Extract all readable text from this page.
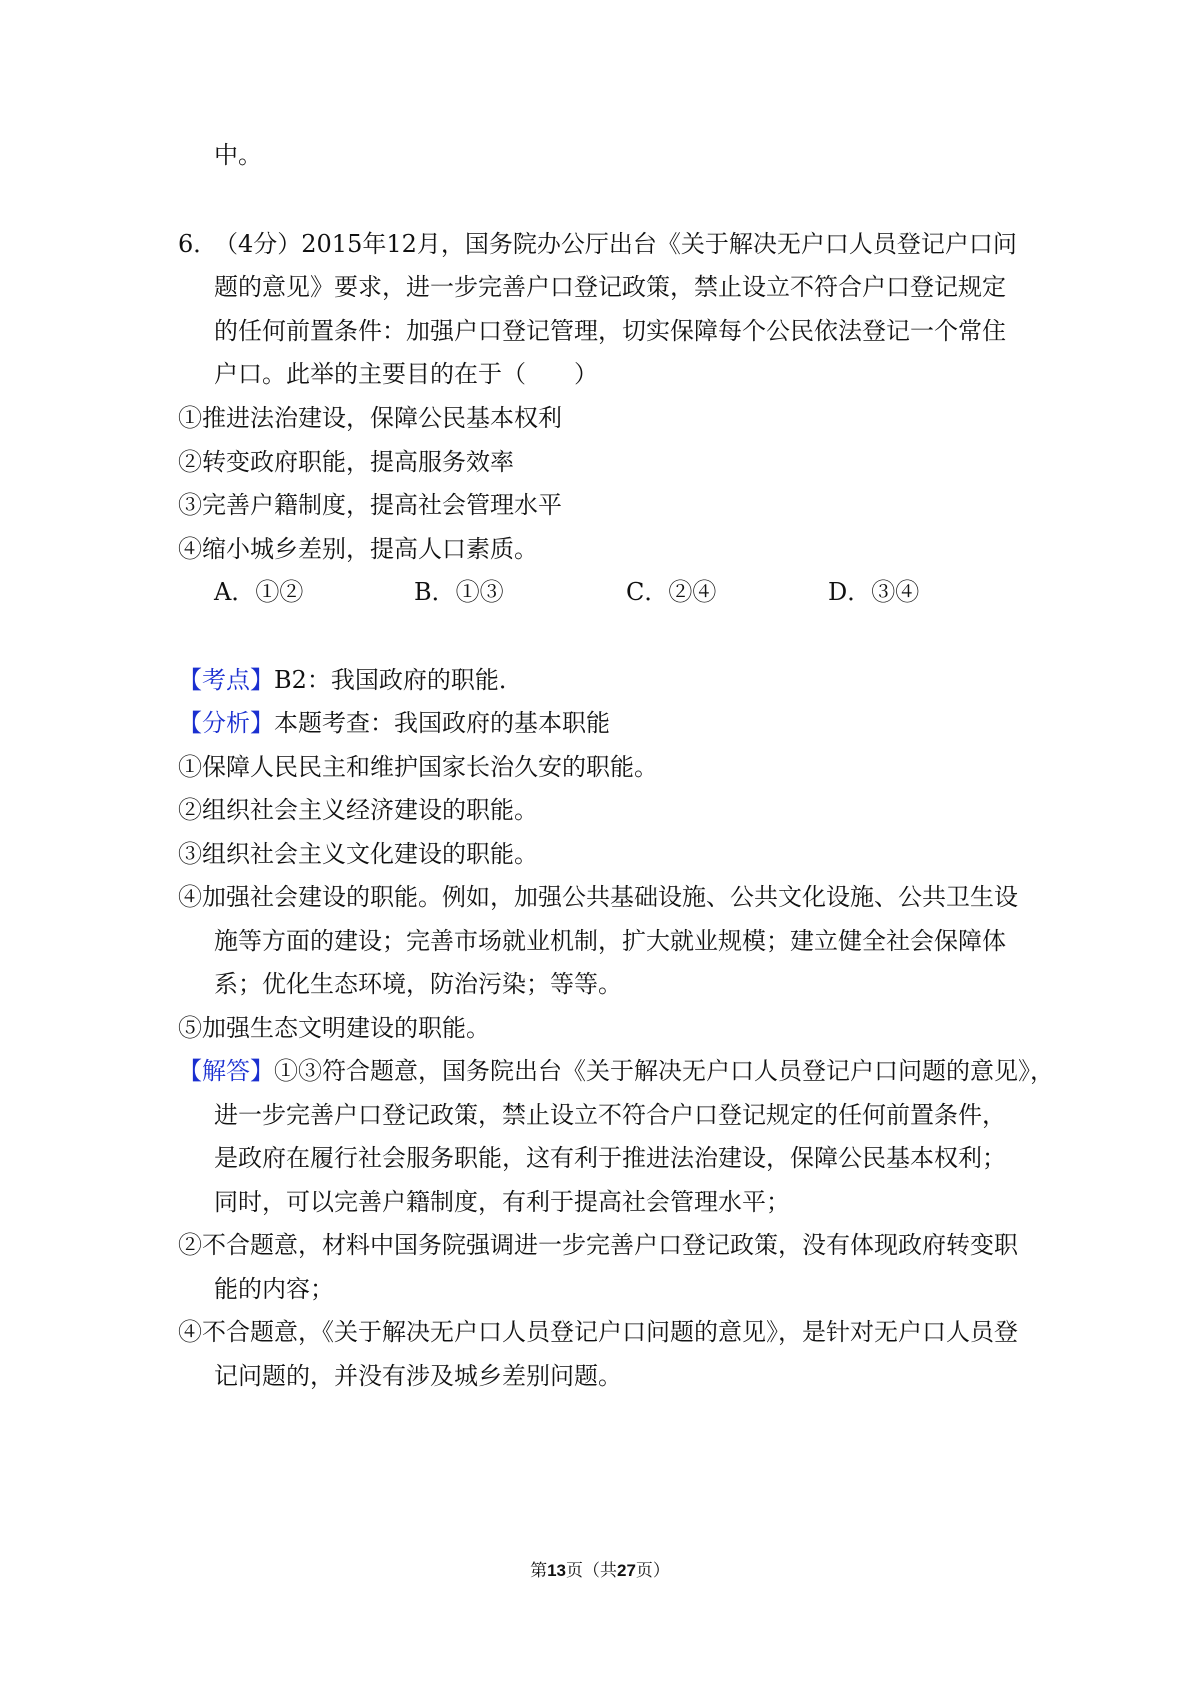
中。
6．
（4分）2015年12月，国务院办公厅出台《关于解决无户口人员登记户口问
题的意见》要求，进一步完善户口登记政策，禁止设立不符合户口登记规定
的任何前置条件：加强户口登记管理，切实保障每个公民依法登记一个常住
户口。此举的主要目的在于（　　）
①推进法治建设，保障公民基本权利
②转变政府职能，提高服务效率
③完善户籍制度，提高社会管理水平
④缩小城乡差别，提高人口素质。
A．①②	B．①③	C．②④	D．③④
【考点】B2：我国政府的职能．
【分析】本题考查：我国政府的基本职能
①保障人民民主和维护国家长治久安的职能。
②组织社会主义经济建设的职能。
③组织社会主义文化建设的职能。
④加强社会建设的职能。例如，加强公共基础设施、公共文化设施、公共卫生设
施等方面的建设；完善市场就业机制，扩大就业规模；建立健全社会保障体
系；优化生态环境，防治污染；等等。
⑤加强生态文明建设的职能。
【解答】①③符合题意，国务院出台《关于解决无户口人员登记户口问题的意见》，
进一步完善户口登记政策，禁止设立不符合户口登记规定的任何前置条件，
是政府在履行社会服务职能，这有利于推进法治建设，保障公民基本权利；
同时，可以完善户籍制度，有利于提高社会管理水平；
②不合题意，材料中国务院强调进一步完善户口登记政策，没有体现政府转变职
能的内容；
④不合题意，《关于解决无户口人员登记户口问题的意见》，是针对无户口人员登
记问题的，并没有涉及城乡差别问题。
第13页（共27页）
